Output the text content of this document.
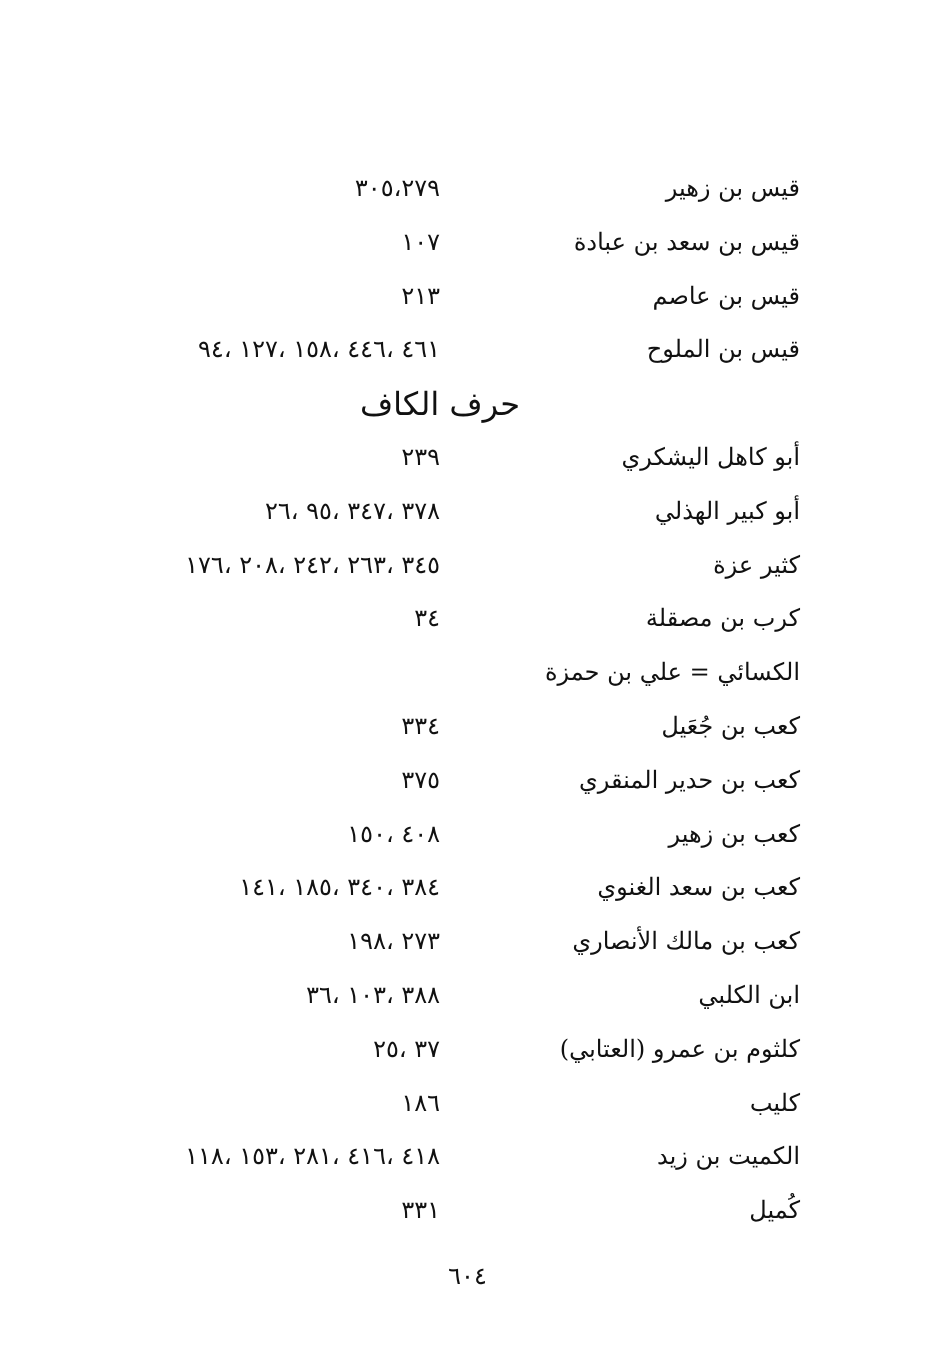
قيس بن زهير
٣٠٥،٢٧٩
قيس بن سعد بن عبادة
١٠٧
قيس بن عاصم
٢١٣
قيس بن الملوح
٤٦١ ،٤٤٦ ،١٥٨ ،١٢٧ ،٩٤
حرف الكاف
أبو كاهل اليشكري
٢٣٩
أبو كبير الهذلي
٣٧٨ ،٣٤٧ ،٩٥ ،٢٦
كثير عزة
٣٤٥ ،٢٦٣ ،٢٤٢ ،٢٠٨ ،١٧٦
كرب بن مصقلة
٣٤
الكسائي = علي بن حمزة
كعب بن جُعَيل
٣٣٤
كعب بن حدير المنقري
٣٧٥
كعب بن زهير
٤٠٨ ،١٥٠
كعب بن سعد الغنوي
٣٨٤ ،٣٤٠ ،١٨٥ ،١٤١
كعب بن مالك الأنصاري
٢٧٣ ،١٩٨
ابن الكلبي
٣٨٨ ،١٠٣ ،٣٦
كلثوم بن عمرو (العتابي)
٣٧ ،٢٥
كليب
١٨٦
الكميت بن زيد
٤١٨ ،٤١٦ ،٢٨١ ،١٥٣ ،١١٨
كُميل
٣٣١
٦٠٤
